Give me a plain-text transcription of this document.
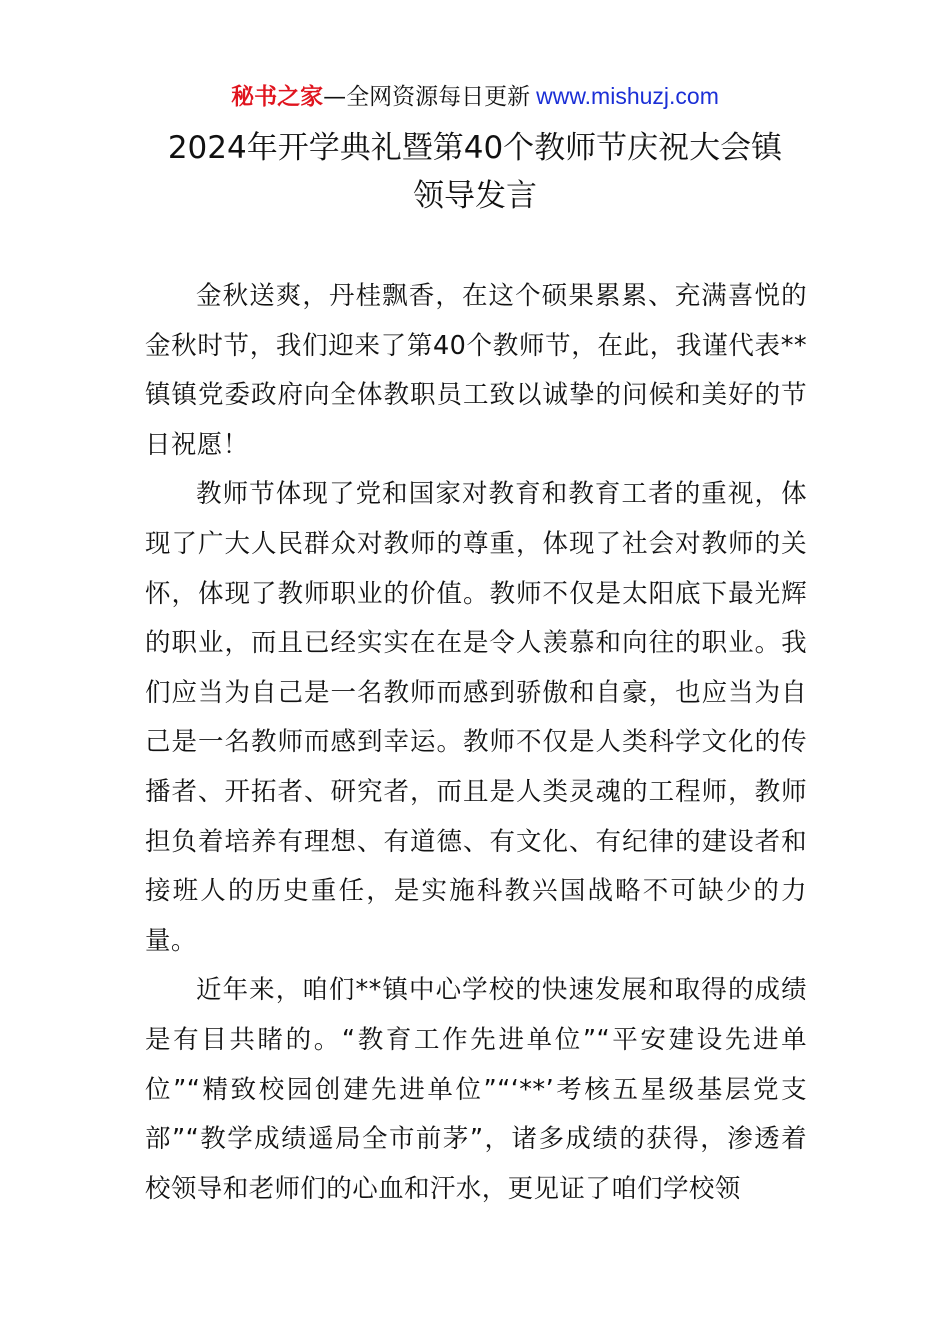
秘书之家—全网资源每日更新 www.mishuzj.com
2024年开学典礼暨第40个教师节庆祝大会镇
领导发言

金秋送爽，丹桂飘香，在这个硕果累累、充满喜悦的金秋时节，我们迎来了第40个教师节，在此，我谨代表**镇镇党委政府向全体教职员工致以诚挚的问候和美好的节日祝愿！

教师节体现了党和国家对教育和教育工者的重视，体现了广大人民群众对教师的尊重，体现了社会对教师的关怀，体现了教师职业的价值。教师不仅是太阳底下最光辉的职业，而且已经实实在在是令人羡慕和向往的职业。我们应当为自己是一名教师而感到骄傲和自豪，也应当为自己是一名教师而感到幸运。教师不仅是人类科学文化的传播者、开拓者、研究者，而且是人类灵魂的工程师，教师担负着培养有理想、有道德、有文化、有纪律的建设者和接班人的历史重任，是实施科教兴国战略不可缺少的力量。

近年来，咱们**镇中心学校的快速发展和取得的成绩是有目共睹的。“教育工作先进单位”“平安建设先进单位”“精致校园创建先进单位”“‘**’考核五星级基层党支部”“教学成绩遥局全市前茅”，诸多成绩的获得，渗透着校领导和老师们的心血和汗水，更见证了咱们学校领
